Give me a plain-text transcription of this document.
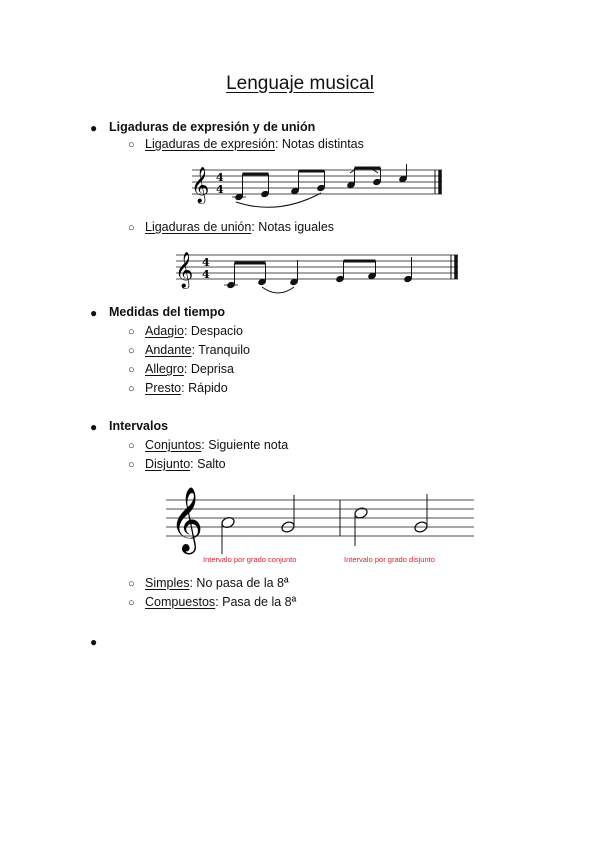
Lenguaje musical
● Ligaduras de expresión y de unión
○ Ligaduras de expresión: Notas distintas
𝄞 4
4
○ Ligaduras de unión: Notas iguales
𝄞 4
4
● Medidas del tiempo
○ Adagio: Despacio
○ Andante: Tranquilo
○ Allegro: Deprisa
○ Presto: Rápido
● Intervalos
○ Conjuntos: Siguiente nota
○ Disjunto: Salto
𝄞
Intervalo por grado conjunto	Intervalo por grado disjunto
○ Simples: No pasa de la 8ª
○ Compuestos: Pasa de la 8ª
●
